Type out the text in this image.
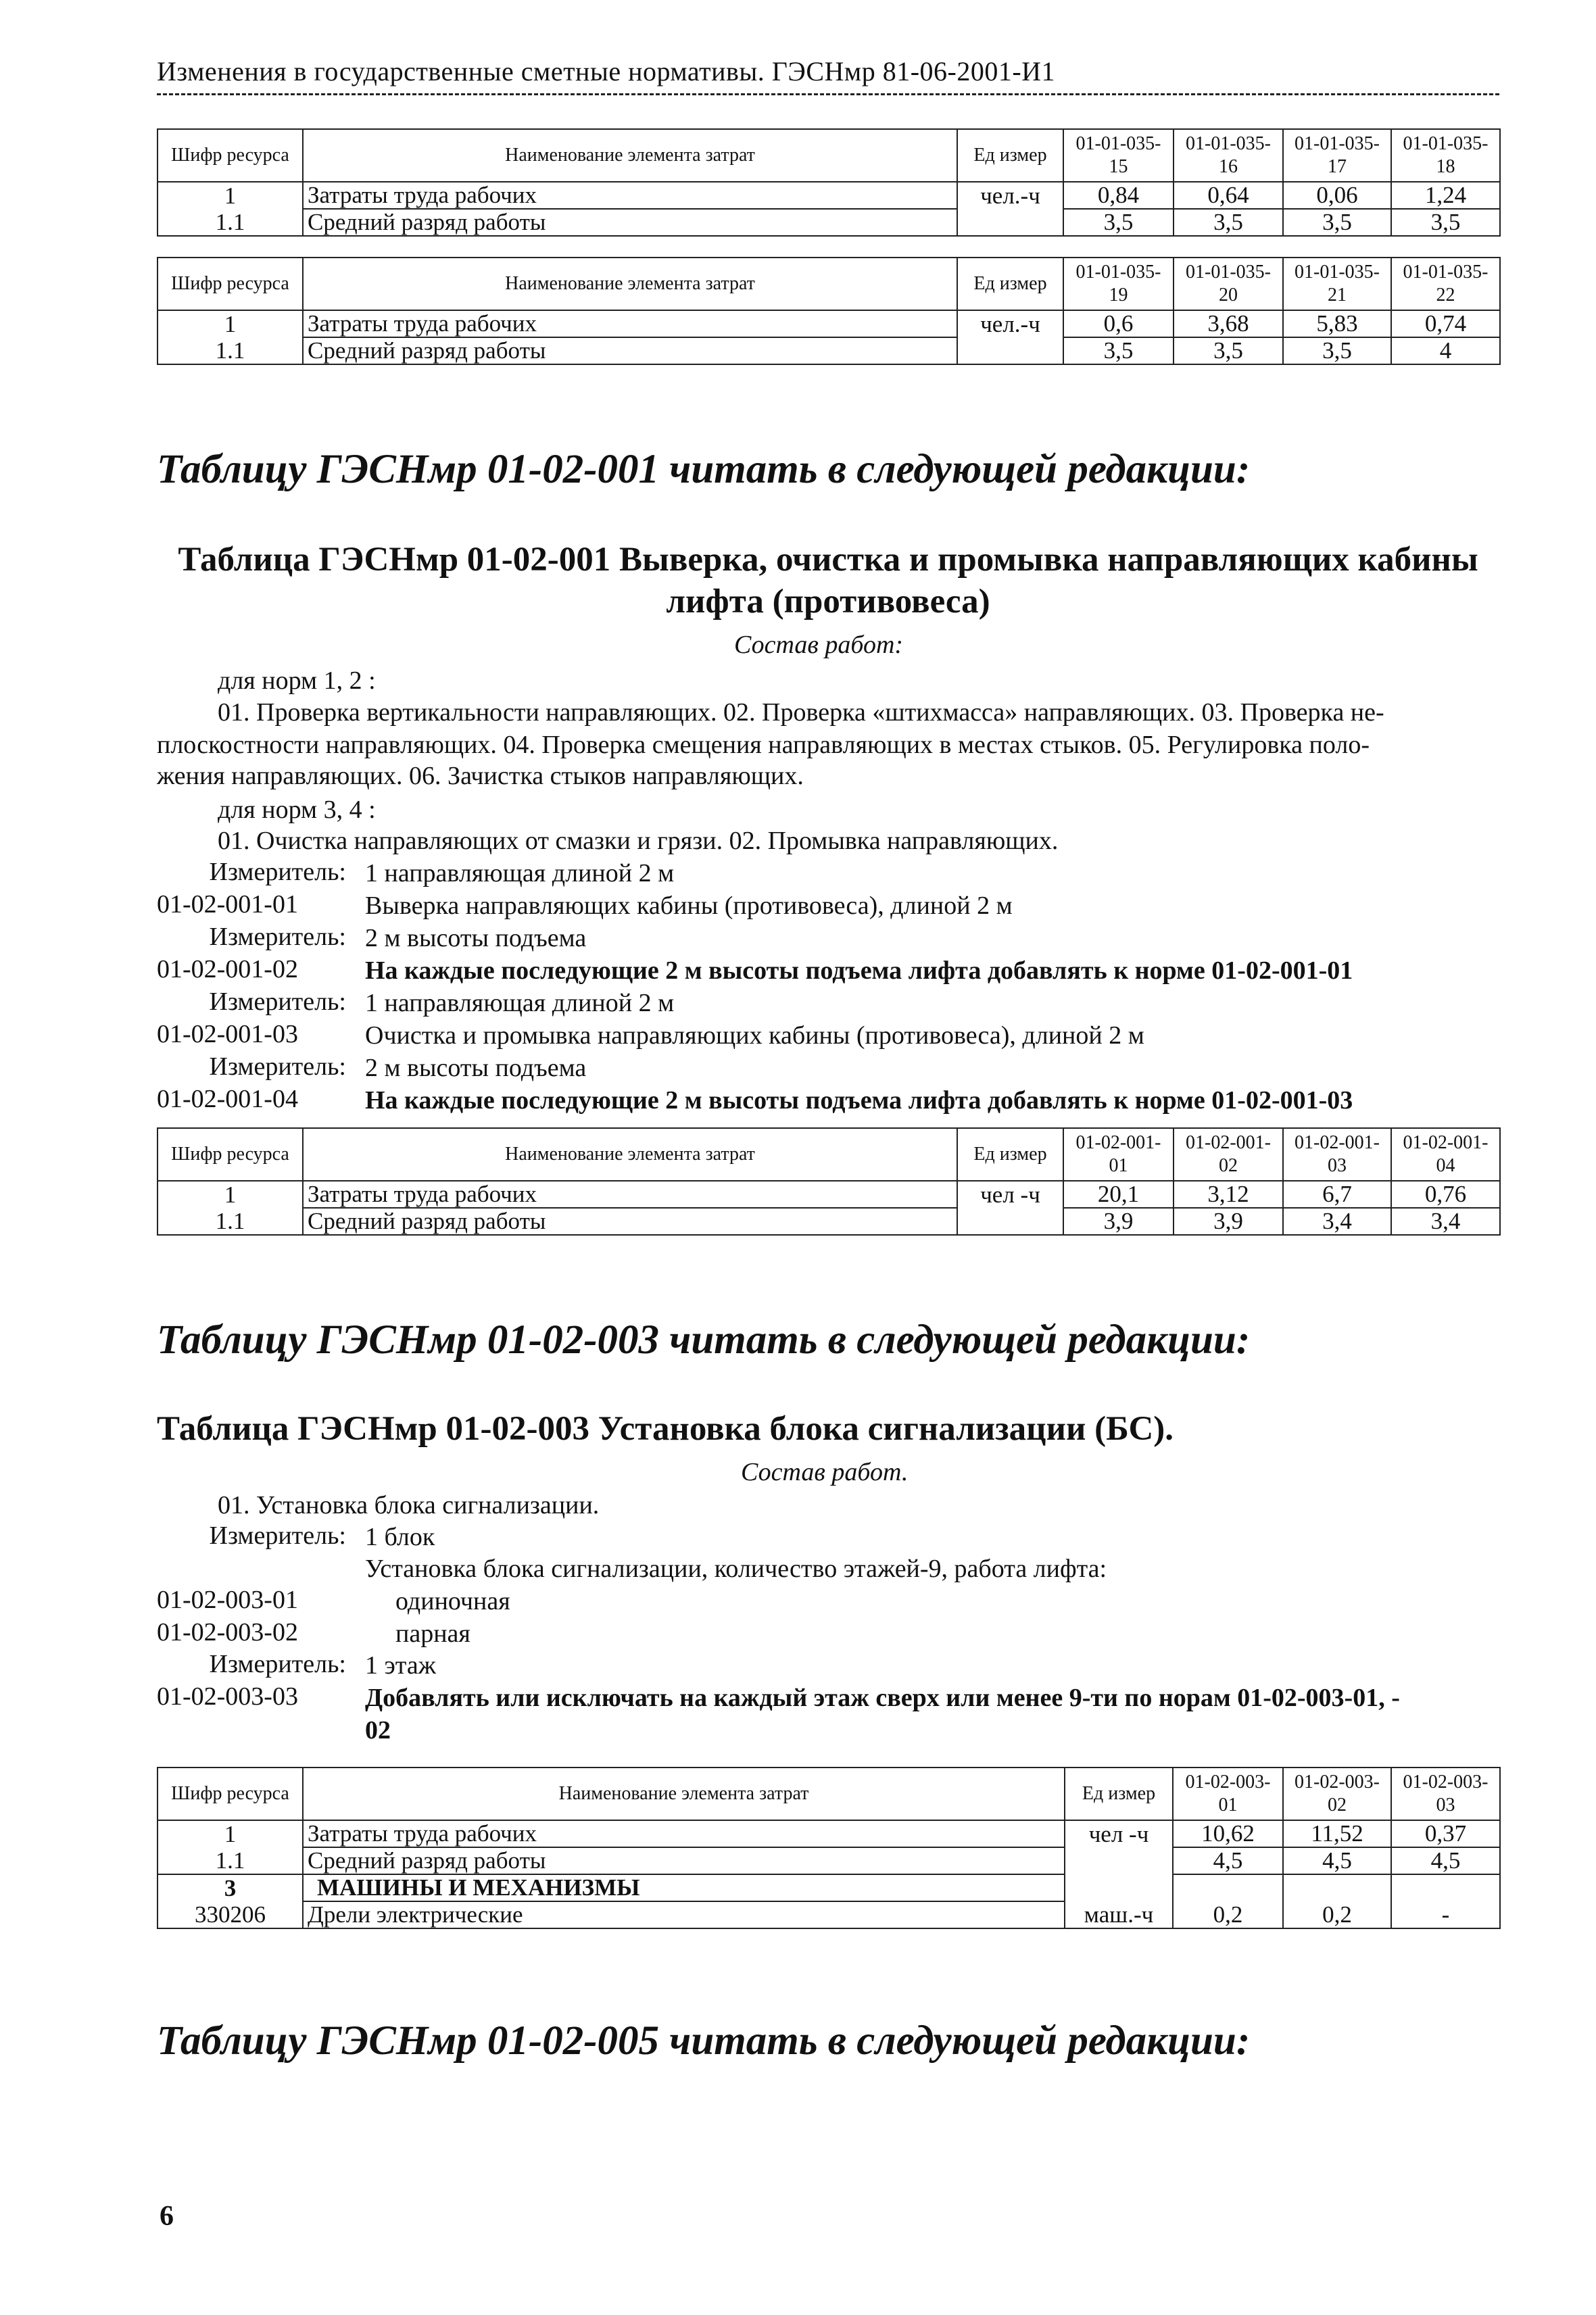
Изменения в государственные сметные нормативы. ГЭСНмр 81-06-2001-И1
Шифр ресурса	Наименование элемента затрат	Ед измер	01-01-035-15	01-01-035-16	01-01-035-17	01-01-035-18
1	Затраты труда рабочих	чел.-ч	0,84	0,64	0,06	1,24
1.1	Средний разряд работы		3,5	3,5	3,5	3,5
Шифр ресурса	Наименование элемента затрат	Ед измер	01-01-035-19	01-01-035-20	01-01-035-21	01-01-035-22
1	Затраты труда рабочих	чел.-ч	0,6	3,68	5,83	0,74
1.1	Средний разряд работы		3,5	3,5	3,5	4
Таблицу ГЭСНмр 01-02-001 читать в следующей редакции:
Таблица ГЭСНмр 01-02-001 Выверка, очистка и промывка направляющих кабины
лифта (противовеса)
Состав работ:
для норм 1, 2 :
01. Проверка вертикальности направляющих. 02. Проверка «штихмасса» направляющих. 03. Проверка не-
плоскостности направляющих. 04. Проверка смещения направляющих в местах стыков. 05. Регулировка поло-
жения направляющих. 06. Зачистка стыков направляющих.
для норм 3, 4 :
01. Очистка направляющих от смазки и грязи. 02. Промывка направляющих.
Измеритель: 1 направляющая длиной 2 м
01-02-001-01	Выверка направляющих кабины (противовеса), длиной 2 м
Измеритель: 2 м высоты подъема
01-02-001-02	На каждые последующие 2 м высоты подъема лифта добавлять к норме 01-02-001-01
Измеритель: 1 направляющая длиной 2 м
01-02-001-03	Очистка и промывка направляющих кабины (противовеса), длиной 2 м
Измеритель: 2 м высоты подъема
01-02-001-04	На каждые последующие 2 м высоты подъема лифта добавлять к норме 01-02-001-03
Шифр ресурса	Наименование элемента затрат	Ед измер	01-02-001-01	01-02-001-02	01-02-001-03	01-02-001-04
1	Затраты труда рабочих	чел -ч	20,1	3,12	6,7	0,76
1.1	Средний разряд работы		3,9	3,9	3,4	3,4
Таблицу ГЭСНмр 01-02-003 читать в следующей редакции:
Таблица ГЭСНмр 01-02-003 Установка блока сигнализации (БС).
Состав работ.
01. Установка блока сигнализации.
Измеритель: 1 блок
Установка блока сигнализации, количество этажей-9, работа лифта:
01-02-003-01	одиночная
01-02-003-02	парная
Измеритель: 1 этаж
01-02-003-03	Добавлять или исключать на каждый этаж сверх или менее 9-ти по норам 01-02-003-01, -
02
Шифр ресурса	Наименование элемента затрат	Ед измер	01-02-003-01	01-02-003-02	01-02-003-03
1	Затраты труда рабочих	чел -ч	10,62	11,52	0,37
1.1	Средний разряд работы		4,5	4,5	4,5
3	МАШИНЫ И МЕХАНИЗМЫ				
330206	Дрели электрические	маш.-ч	0,2	0,2	-
Таблицу ГЭСНмр 01-02-005 читать в следующей редакции:
6
